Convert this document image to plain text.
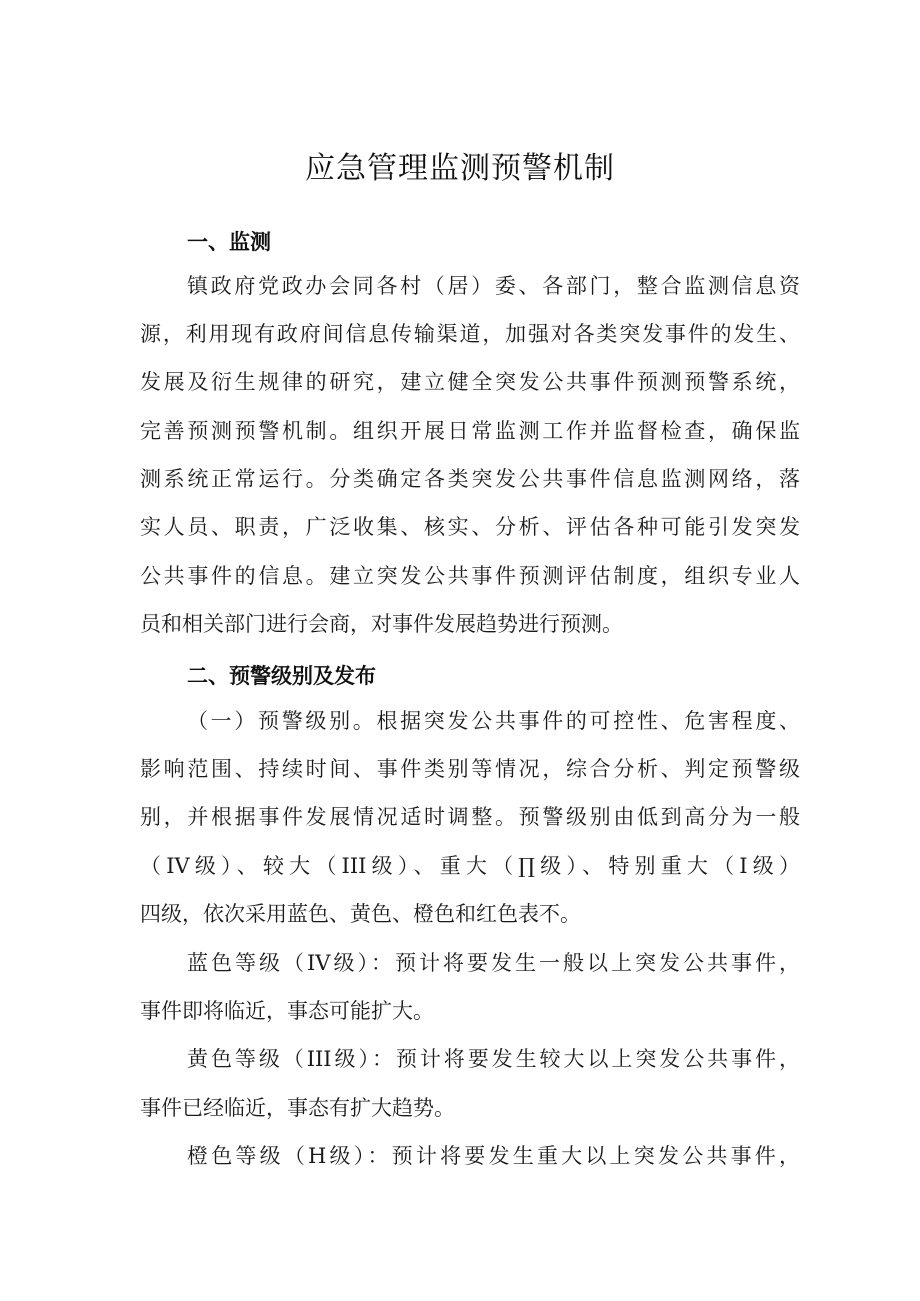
应急管理监测预警机制
一、监测
镇政府党政办会同各村（居）委、各部门，整合监测信息资
源，利用现有政府间信息传输渠道，加强对各类突发事件的发生、
发展及衍生规律的研究，建立健全突发公共事件预测预警系统，
完善预测预警机制。组织开展日常监测工作并监督检查，确保监
测系统正常运行。分类确定各类突发公共事件信息监测网络，落
实人员、职责，广泛收集、核实、分析、评估各种可能引发突发
公共事件的信息。建立突发公共事件预测评估制度，组织专业人
员和相关部门进行会商，对事件发展趋势进行预测。
二、预警级别及发布
（一）预警级别。根据突发公共事件的可控性、危害程度、
影响范围、持续时间、事件类别等情况，综合分析、判定预警级
别，并根据事件发展情况适时调整。预警级别由低到高分为一般
（IV级）、较大（III级）、重大（∏级）、特别重大（I级）
四级，依次采用蓝色、黄色、橙色和红色表不。
蓝色等级（IV级）：预计将要发生一般以上突发公共事件，
事件即将临近，事态可能扩大。
黄色等级（III级）：预计将要发生较大以上突发公共事件，
事件已经临近，事态有扩大趋势。
橙色等级（H级）：预计将要发生重大以上突发公共事件，
